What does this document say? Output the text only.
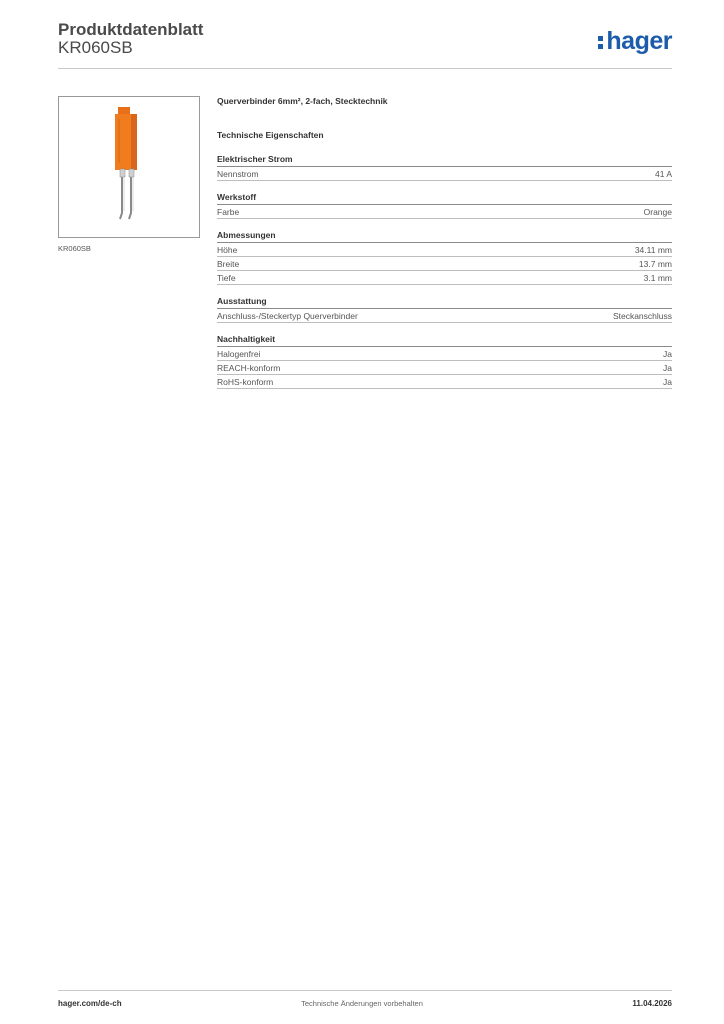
Produktdatenblatt
KR060SB	hager
KR060SB
Querverbinder 6mm², 2-fach, Stecktechnik
Technische Eigenschaften
Elektrischer Strom
Nennstrom	41 A
Werkstoff
Farbe	Orange
Abmessungen
Höhe	34.11 mm
Breite	13.7 mm
Tiefe	3.1 mm
Ausstattung
Anschluss-/Steckertyp Querverbinder	Steckanschluss
Nachhaltigkeit
Halogenfrei	Ja
REACH-konform	Ja
RoHS-konform	Ja
hager.com/de-ch	Technische Änderungen vorbehalten	11.04.2026
